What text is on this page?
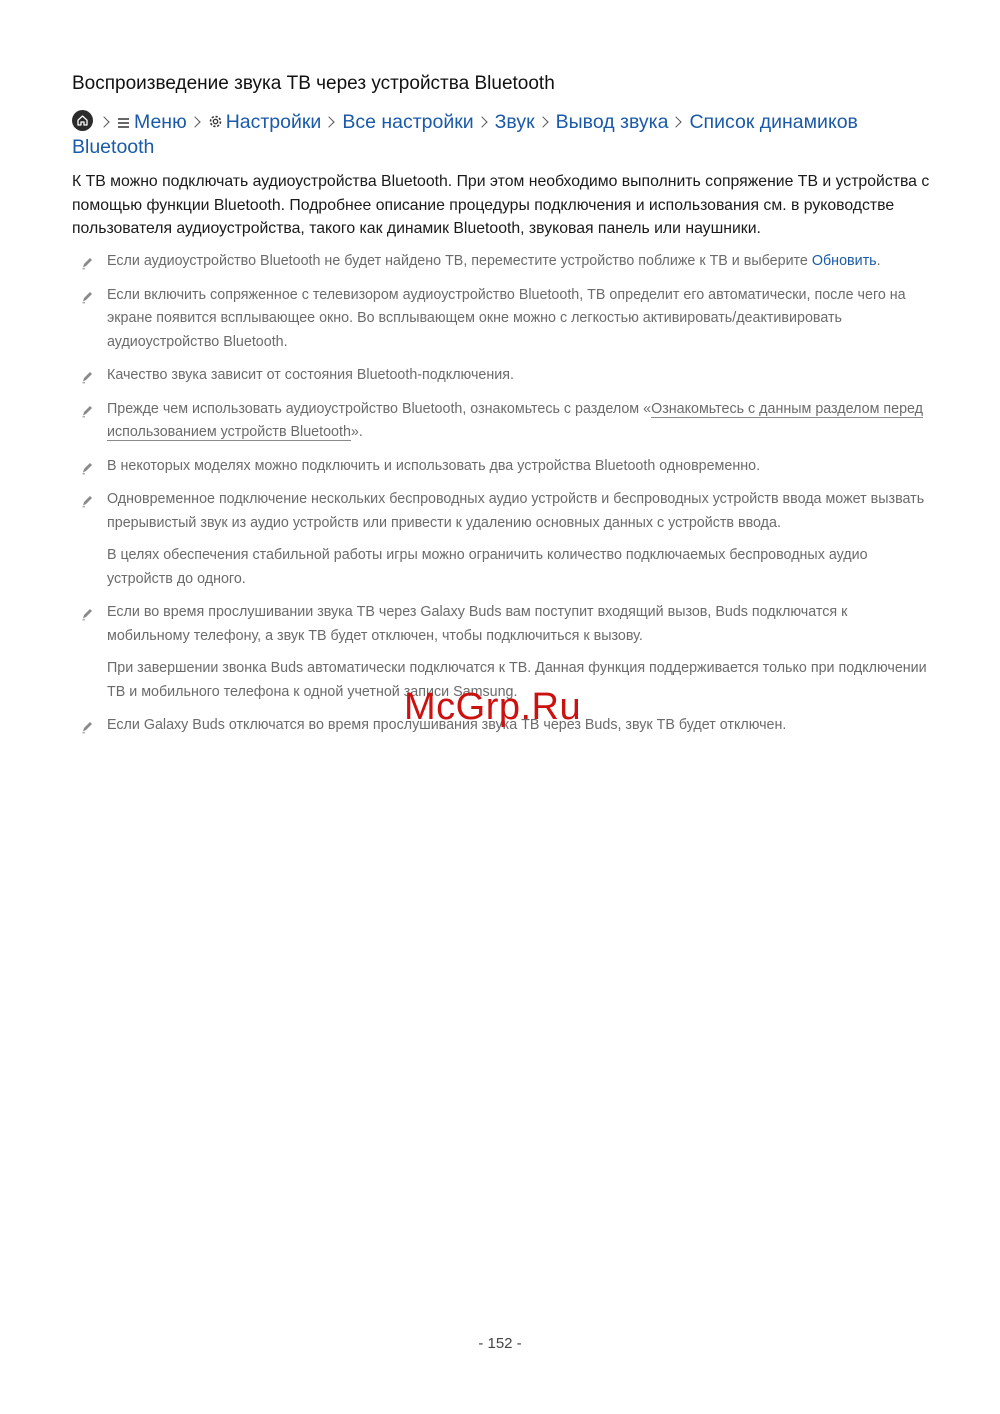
Воспроизведение звука ТВ через устройства Bluetooth
Меню Настройки Все настройки Звук Вывод звука Список динамиков Bluetooth
К ТВ можно подключать аудиоустройства Bluetooth. При этом необходимо выполнить сопряжение ТВ и устройства с помощью функции Bluetooth. Подробнее описание процедуры подключения и использования см. в руководстве пользователя аудиоустройства, такого как динамик Bluetooth, звуковая панель или наушники.

Если аудиоустройство Bluetooth не будет найдено ТВ, переместите устройство поближе к ТВ и выберите Обновить.

Если включить сопряженное с телевизором аудиоустройство Bluetooth, ТВ определит его автоматически, после чего на экране появится всплывающее окно. Во всплывающем окне можно с легкостью активировать/деактивировать аудиоустройство Bluetooth.

Качество звука зависит от состояния Bluetooth-подключения.

Прежде чем использовать аудиоустройство Bluetooth, ознакомьтесь с разделом «Ознакомьтесь с данным разделом перед использованием устройств Bluetooth».

В некоторых моделях можно подключить и использовать два устройства Bluetooth одновременно.

Одновременное подключение нескольких беспроводных аудио устройств и беспроводных устройств ввода может вызвать прерывистый звук из аудио устройств или привести к удалению основных данных с устройств ввода.

В целях обеспечения стабильной работы игры можно ограничить количество подключаемых беспроводных аудио устройств до одного.

Если во время прослушивании звука ТВ через Galaxy Buds вам поступит входящий вызов, Buds подключатся к мобильному телефону, а звук ТВ будет отключен, чтобы подключиться к вызову.

При завершении звонка Buds автоматически подключатся к ТВ. Данная функция поддерживается только при подключении ТВ и мобильного телефона к одной учетной записи Samsung.

Если Galaxy Buds отключатся во время прослушивания звука ТВ через Buds, звук ТВ будет отключен.

McGrp.Ru
- 152 -
